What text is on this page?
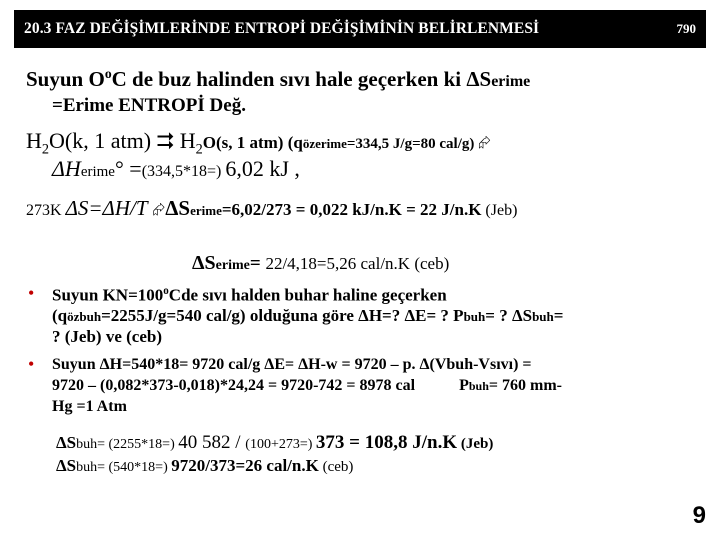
20.3 FAZ DEĞİŞİMLERİNDE ENTROPİ DEĞİŞİMİNİN BELİRLENMESİ	790
Suyun $O^oC$ de buz halinden sıvı hale geçerken ki ΔSerime
=Erime ENTROPİ Değ.
$H_2O(k$, 1 atm) ⮆ $H_2O(s$, 1 atm) (qözerime=334,5 J/g=80 cal/g) ⮳
ΔHerime° =(334,5*18=) 6,02 kJ ,
273K ΔS=ΔH/T ⮳ΔSerime=6,02/273 = 0,022 kJ/n.K = 22 J/n.K (Jeb)
ΔSerime= 22/4,18=5,26 cal/n.K (ceb)
• Suyun $KN=100^oCde$ sıvı halden buhar haline geçerken
(qözbuh=2255J/g=540 cal/g) olduğuna göre ΔH=? ΔE= ? Pbuh= ? ΔSbuh=
? (Jeb) ve (ceb)
• Suyun ΔH=540*18= 9720 cal/g ΔE= ΔH-w = 9720 – p. Δ(Vbuh-Vsıvı) =
9720 – (0,082*373-0,018)*24,24 = 9720-742 = 8978 cal	Pbuh= 760 mm-
Hg =1 Atm
ΔSbuh= (2255*18=) 40 582 / (100+273=) 373 = 108,8 J/n.K (Jeb)
ΔSbuh= (540*18=) 9720/373=26 cal/n.K (ceb)
9
